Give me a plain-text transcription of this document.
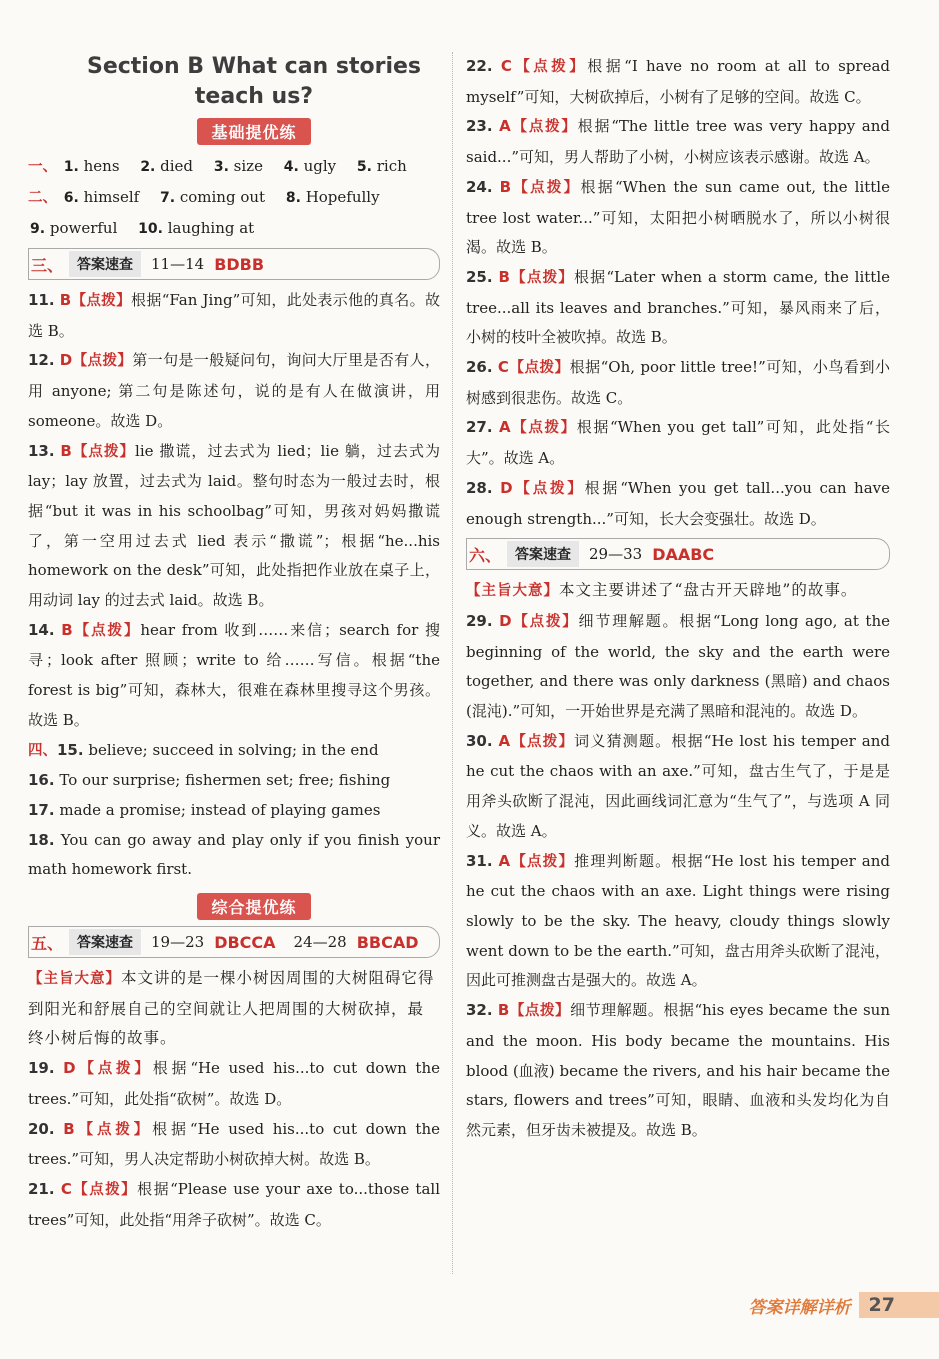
Section B What can stories
teach us?
基础提优练
一、 1. hens 2. died 3. size 4. ugly 5. rich
二、 6. himself 7. coming out 8. Hopefully
9. powerful 10. laughing at
三、 答案速查	11—14 BDBB
11. B【点拨】根据“Fan Jing”可知，此处表示他的真名。故选 B。
12. D【点拨】第一句是一般疑问句，询问大厅里是否有人，用 anyone; 第二句是陈述句，说的是有人在做演讲，用 someone。故选 D。
13. B【点拨】lie 撒谎，过去式为 lied；lie 躺，过去式为 lay；lay 放置，过去式为 laid。整句时态为一般过去时，根据“but it was in his schoolbag”可知，男孩对妈妈撒谎了，第一空用过去式 lied 表示“撒谎”；根据“he...his homework on the desk”可知，此处指把作业放在桌子上，用动词 lay 的过去式 laid。故选 B。
14. B【点拨】hear from 收到……来信；search for 搜寻；look after 照顾；write to 给……写信。根据“the forest is big”可知，森林大，很难在森林里搜寻这个男孩。故选 B。
四、15. believe; succeed in solving; in the end
16. To our surprise; fishermen set; free; fishing
17. made a promise; instead of playing games
18. You can go away and play only if you finish your math homework first.
综合提优练
五、 答案速查	19—23 DBCCA 24—28 BBCAD
【主旨大意】本文讲的是一棵小树因周围的大树阻碍它得到阳光和舒展自己的空间就让人把周围的大树砍掉，最终小树后悔的故事。
19. D【点拨】根据“He used his...to cut down the trees.”可知，此处指“砍树”。故选 D。
20. B【点拨】根据“He used his...to cut down the trees.”可知，男人决定帮助小树砍掉大树。故选 B。
21. C【点拨】根据“Please use your axe to...those tall trees”可知，此处指“用斧子砍树”。故选 C。
22. C【点拨】根据“I have no room at all to spread myself”可知，大树砍掉后，小树有了足够的空间。故选 C。
23. A【点拨】根据“The little tree was very happy and said...”可知，男人帮助了小树，小树应该表示感谢。故选 A。
24. B【点拨】根据“When the sun came out, the little tree lost water...”可知，太阳把小树晒脱水了，所以小树很渴。故选 B。
25. B【点拨】根据“Later when a storm came, the little tree...all its leaves and branches.”可知，暴风雨来了后，小树的枝叶全被吹掉。故选 B。
26. C【点拨】根据“Oh, poor little tree!”可知，小鸟看到小树感到很悲伤。故选 C。
27. A【点拨】根据“When you get tall”可知，此处指“长大”。故选 A。
28. D【点拨】根据“When you get tall...you can have enough strength...”可知，长大会变强壮。故选 D。
六、 答案速查	29—33 DAABC
【主旨大意】本文主要讲述了“盘古开天辟地”的故事。
29. D【点拨】细节理解题。根据“Long long ago, at the beginning of the world, the sky and the earth were together, and there was only darkness (黑暗) and chaos (混沌).”可知，一开始世界是充满了黑暗和混沌的。故选 D。
30. A【点拨】词义猜测题。根据“He lost his temper and he cut the chaos with an axe.”可知，盘古生气了，于是是用斧头砍断了混沌，因此画线词汇意为“生气了”，与选项 A 同义。故选 A。
31. A【点拨】推理判断题。根据“He lost his temper and he cut the chaos with an axe. Light things were rising slowly to be the sky. The heavy, cloudy things slowly went down to be the earth.”可知，盘古用斧头砍断了混沌，因此可推测盘古是强大的。故选 A。
32. B【点拨】细节理解题。根据“his eyes became the sun and the moon. His body became the mountains. His blood (血液) became the rivers, and his hair became the stars, flowers and trees”可知，眼睛、血液和头发均化为自然元素，但牙齿未被提及。故选 B。
答案详解详析 27
